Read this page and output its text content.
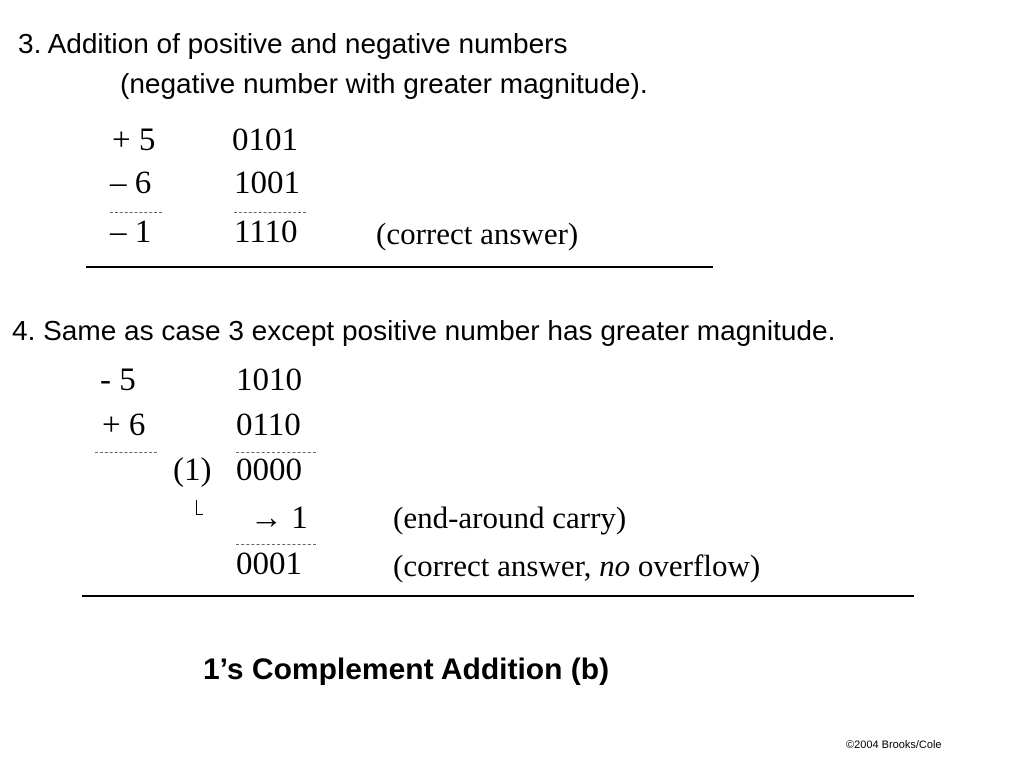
3. Addition of positive and negative numbers
(negative number with greater magnitude).
+ 5 0101
– 6	1001
– 1	1110	(correct answer)
4. Same as case 3 except positive number has greater magnitude.
- 5	1010
+ 6	0110
(1) 0000
→ 1	(end-around carry)
0001	(correct answer, no overflow)
1’s Complement Addition (b)
©2004 Brooks/Cole
